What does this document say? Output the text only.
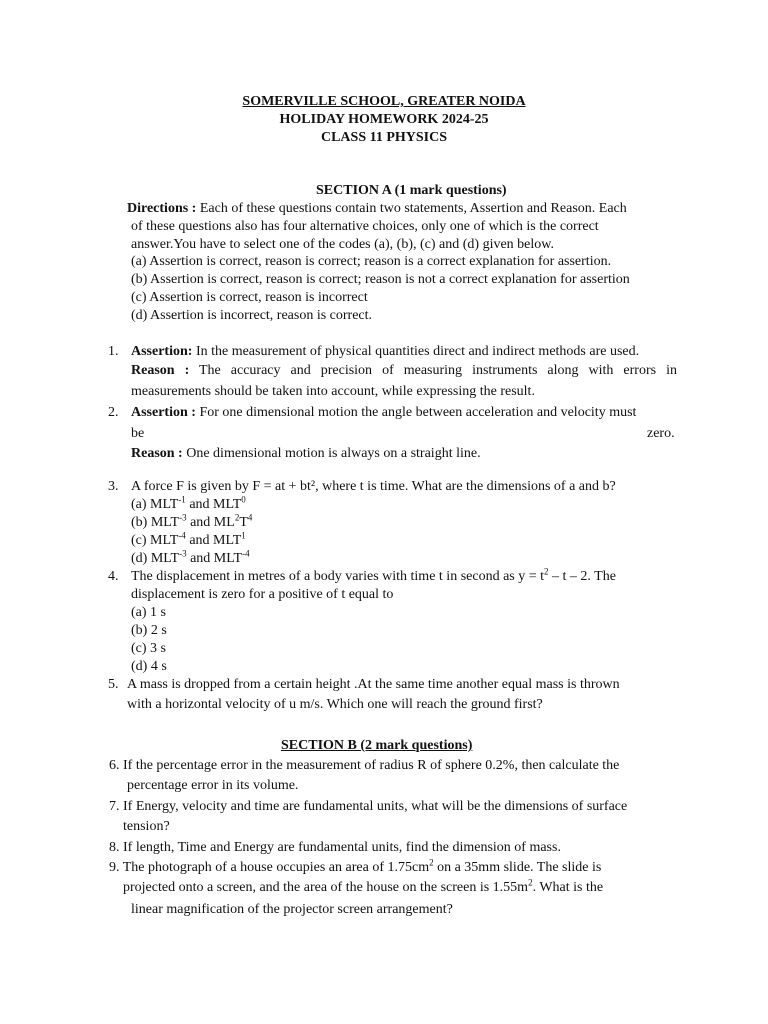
SOMERVILLE SCHOOL, GREATER NOIDA
HOLIDAY HOMEWORK 2024-25
CLASS 11 PHYSICS
SECTION A (1 mark questions)
Directions : Each of these questions contain two statements, Assertion and Reason. Each
of these questions also has four alternative choices, only one of which is the correct
answer.You have to select one of the codes (a), (b), (c) and (d) given below.
(a) Assertion is correct, reason is correct; reason is a correct explanation for assertion.
(b) Assertion is correct, reason is correct; reason is not a correct explanation for assertion
(c) Assertion is correct, reason is incorrect
(d) Assertion is incorrect, reason is correct.
1. Assertion: In the measurement of physical quantities direct and indirect methods are used.
Reason : The accuracy and precision of measuring instruments along with errors in
measurements should be taken into account, while expressing the result.
2. Assertion : For one dimensional motion the angle between acceleration and velocity must
be	zero.
Reason : One dimensional motion is always on a straight line.
3. A force F is given by F = at + bt², where t is time. What are the dimensions of a and b?
(a) $MLT^{-1}$ and MLT$^0$
(b) $MLT^{-3}$ and $ML^2T^4$
(c) $MLT^{-4}$ and MLT$^1$
(d) $MLT^{-3}$ and $MLT^{-4}$
4. The displacement in metres of a body varies with time t in second as $y = t^2 - t - 2$. The
displacement is zero for a positive of t equal to
(a) 1 s
(b) 2 s
(c) 3 s
(d) 4 s
5. A mass is dropped from a certain height .At the same time another equal mass is thrown
with a horizontal velocity of u m/s. Which one will reach the ground first?
SECTION B (2 mark questions)
6. If the percentage error in the measurement of radius R of sphere 0.2%, then calculate the
percentage error in its volume.
7. If Energy, velocity and time are fundamental units, what will be the dimensions of surface
tension?
8. If length, Time and Energy are fundamental units, find the dimension of mass.
9. The photograph of a house occupies an area of $1.75cm^2$ on a 35mm slide. The slide is
projected onto a screen, and the area of the house on the screen is $1.55m^2$. What is the
linear magnification of the projector screen arrangement?
